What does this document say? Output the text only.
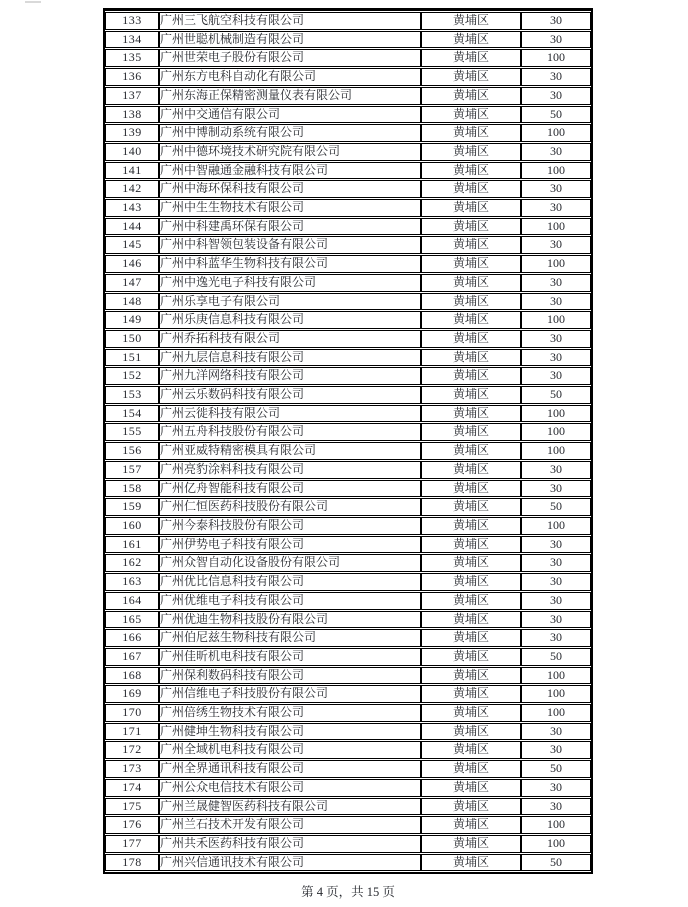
133	广州三飞航空科技有限公司	黄埔区	30
134	广州世聪机械制造有限公司	黄埔区	30
135	广州世荣电子股份有限公司	黄埔区	100
136	广州东方电科自动化有限公司	黄埔区	30
137	广州东海正保精密测量仪表有限公司	黄埔区	30
138	广州中交通信有限公司	黄埔区	50
139	广州中博制动系统有限公司	黄埔区	100
140	广州中德环境技术研究院有限公司	黄埔区	30
141	广州中智融通金融科技有限公司	黄埔区	100
142	广州中海环保科技有限公司	黄埔区	30
143	广州中生生物技术有限公司	黄埔区	30
144	广州中科建禹环保有限公司	黄埔区	100
145	广州中科智领包装设备有限公司	黄埔区	30
146	广州中科蓝华生物科技有限公司	黄埔区	100
147	广州中逸光电子科技有限公司	黄埔区	30
148	广州乐享电子有限公司	黄埔区	30
149	广州乐庚信息科技有限公司	黄埔区	100
150	广州乔拓科技有限公司	黄埔区	30
151	广州九层信息科技有限公司	黄埔区	30
152	广州九洋网络科技有限公司	黄埔区	30
153	广州云乐数码科技有限公司	黄埔区	50
154	广州云徙科技有限公司	黄埔区	100
155	广州五舟科技股份有限公司	黄埔区	100
156	广州亚威特精密模具有限公司	黄埔区	100
157	广州亮豹涂料科技有限公司	黄埔区	30
158	广州亿舟智能科技有限公司	黄埔区	30
159	广州仁恒医药科技股份有限公司	黄埔区	50
160	广州今泰科技股份有限公司	黄埔区	100
161	广州伊势电子科技有限公司	黄埔区	30
162	广州众智自动化设备股份有限公司	黄埔区	30
163	广州优比信息科技有限公司	黄埔区	30
164	广州优维电子科技有限公司	黄埔区	30
165	广州优迪生物科技股份有限公司	黄埔区	30
166	广州伯尼兹生物科技有限公司	黄埔区	30
167	广州佳昕机电科技有限公司	黄埔区	50
168	广州保利数码科技有限公司	黄埔区	100
169	广州信维电子科技股份有限公司	黄埔区	100
170	广州倍绣生物技术有限公司	黄埔区	100
171	广州健坤生物科技有限公司	黄埔区	30
172	广州全域机电科技有限公司	黄埔区	30
173	广州全界通讯科技有限公司	黄埔区	50
174	广州公众电信技术有限公司	黄埔区	30
175	广州兰晟健智医药科技有限公司	黄埔区	30
176	广州兰石技术开发有限公司	黄埔区	100
177	广州共禾医药科技有限公司	黄埔区	100
178	广州兴信通讯技术有限公司	黄埔区	50
第 4 页，共 15 页
